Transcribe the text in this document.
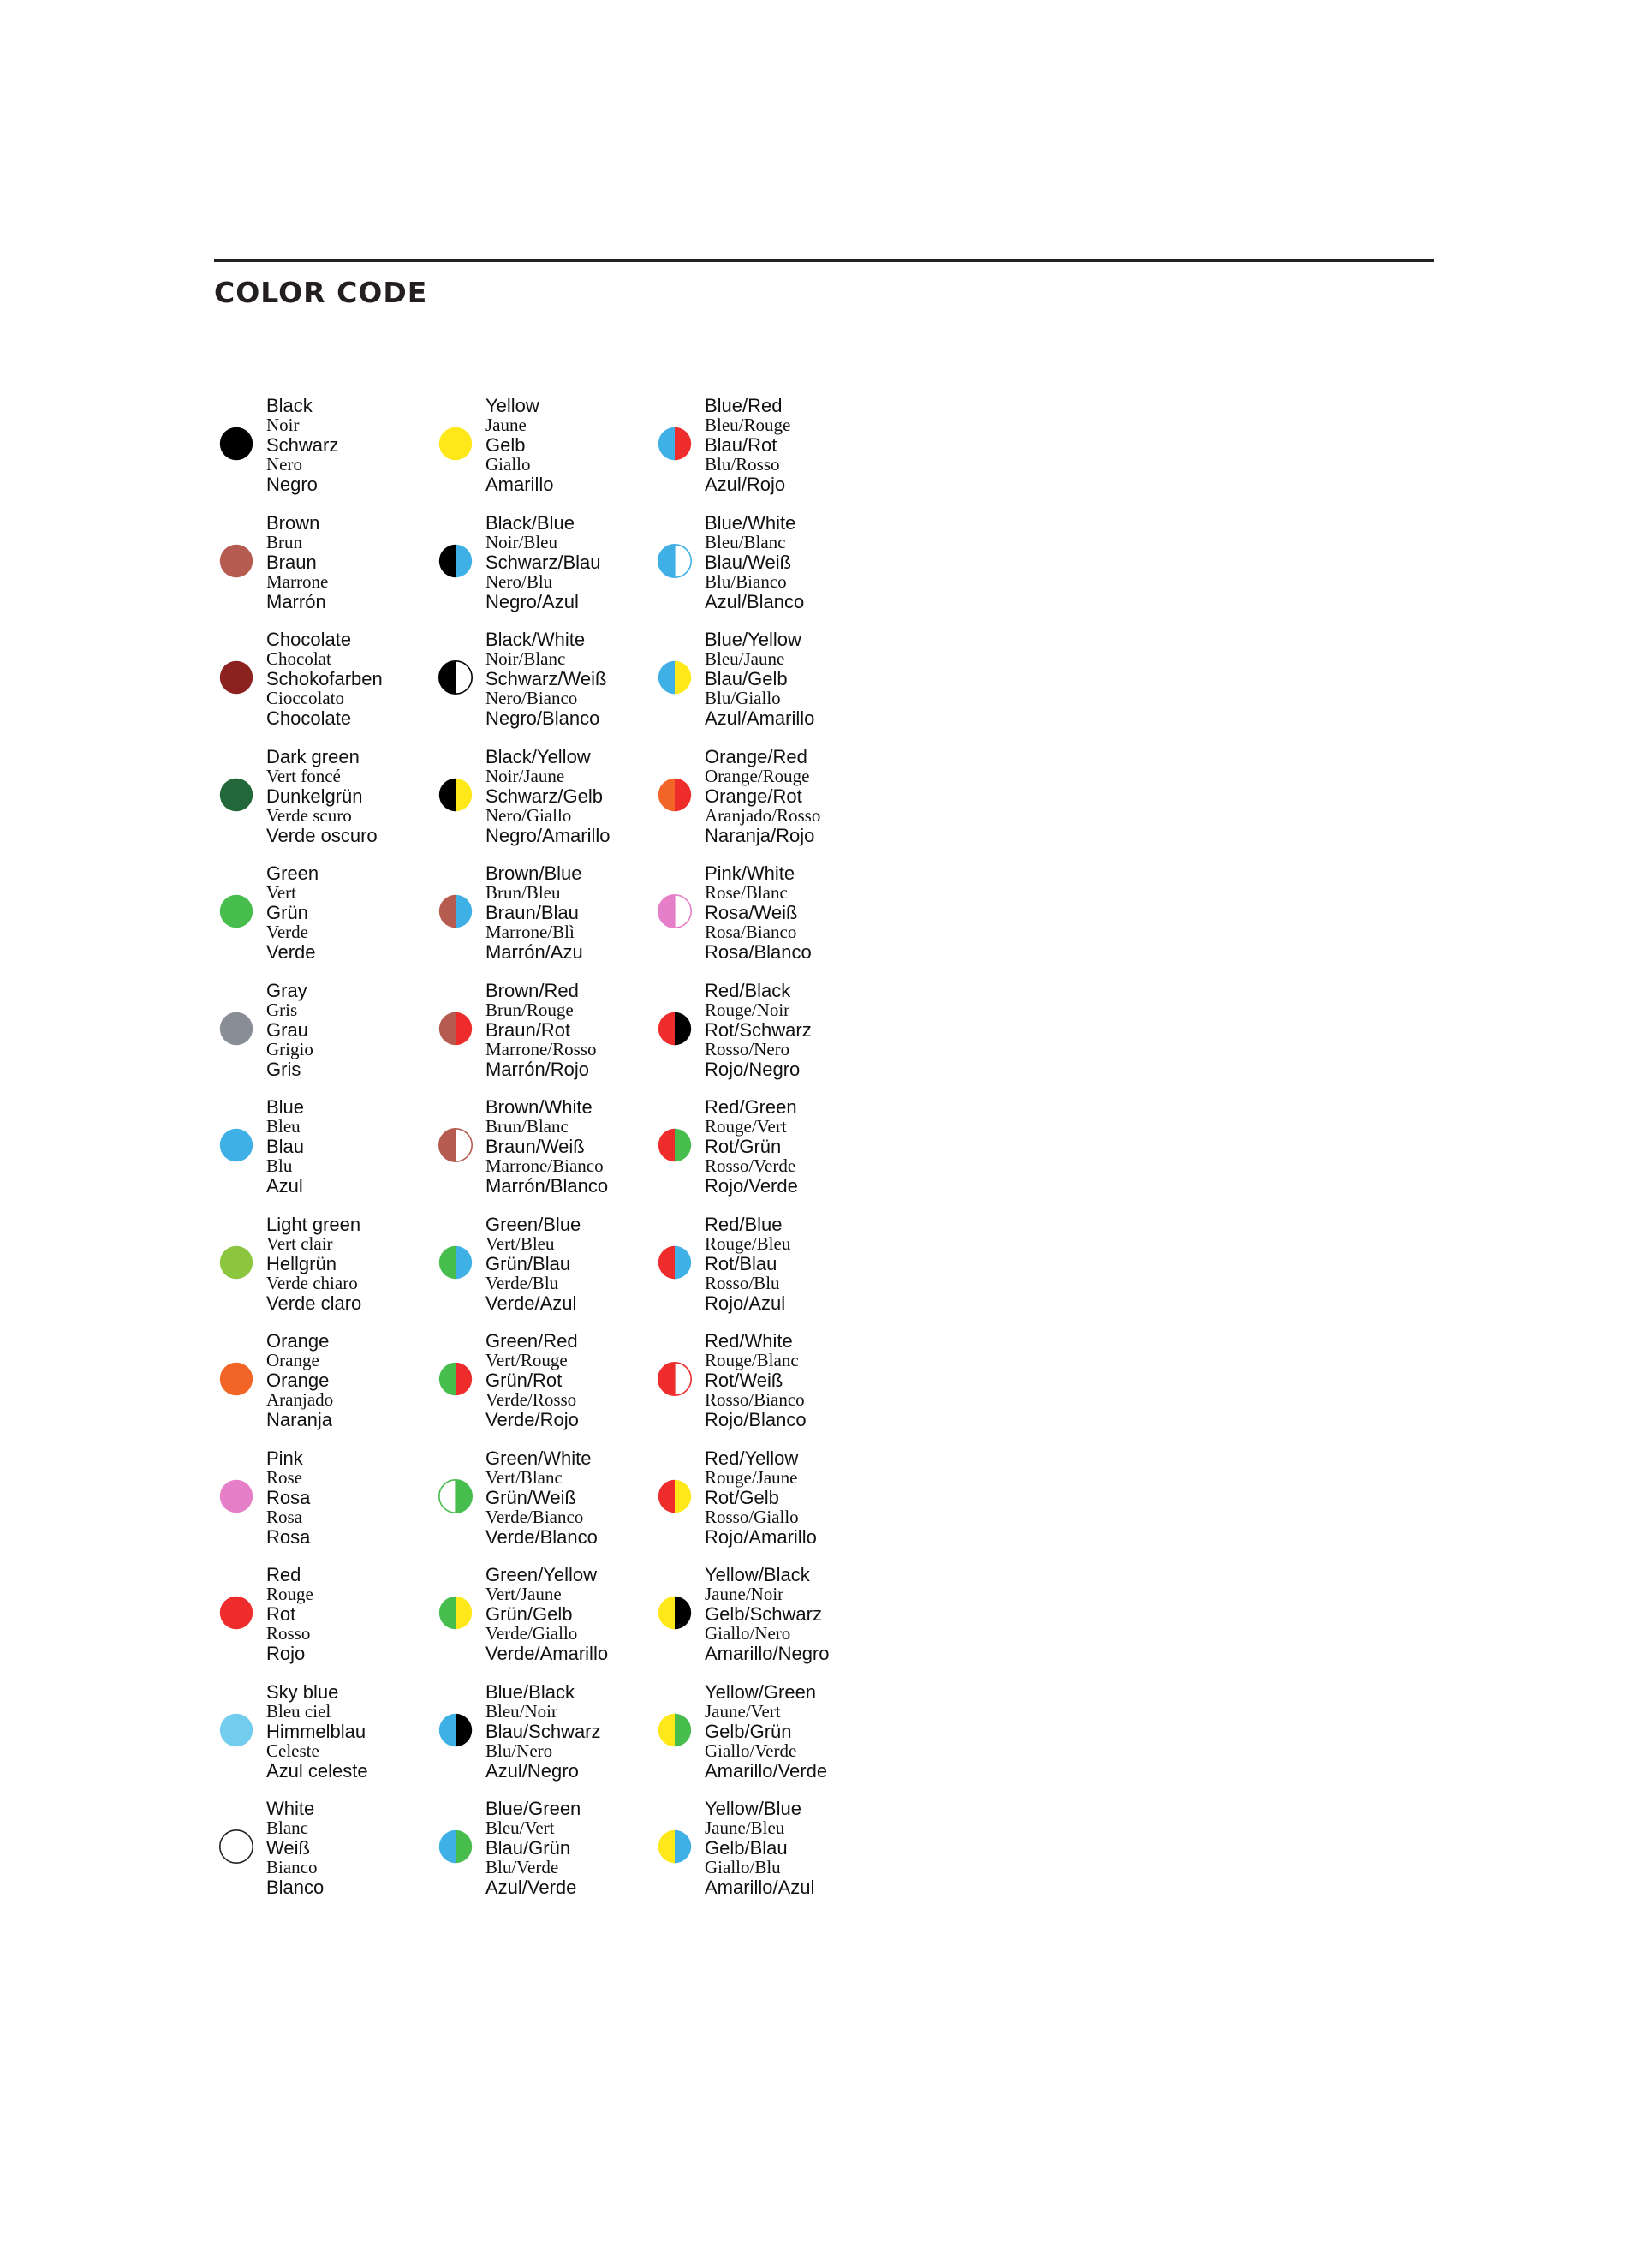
COLOR CODE
Black
Noir
Schwarz
Nero
Negro
Brown
Brun
Braun
Marrone
Marrón
Chocolate
Chocolat
Schokofarben
Cioccolato
Chocolate
Dark green
Vert foncé
Dunkelgrün
Verde scuro
Verde oscuro
Green
Vert
Grün
Verde
Verde
Gray
Gris
Grau
Grigio
Gris
Blue
Bleu
Blau
Blu
Azul
Light green
Vert clair
Hellgrün
Verde chiaro
Verde claro
Orange
Orange
Orange
Aranjado
Naranja
Pink
Rose
Rosa
Rosa
Rosa
Red
Rouge
Rot
Rosso
Rojo
Sky blue
Bleu ciel
Himmelblau
Celeste
Azul celeste
White
Blanc
Weiß
Bianco
Blanco
Yellow
Jaune
Gelb
Giallo
Amarillo
Black/Blue
Noir/Bleu
Schwarz/Blau
Nero/Blu
Negro/Azul
Black/White
Noir/Blanc
Schwarz/Weiß
Nero/Bianco
Negro/Blanco
Black/Yellow
Noir/Jaune
Schwarz/Gelb
Nero/Giallo
Negro/Amarillo
Brown/Blue
Brun/Bleu
Braun/Blau
Marrone/Blì
Marrón/Azu
Brown/Red
Brun/Rouge
Braun/Rot
Marrone/Rosso
Marrón/Rojo
Brown/White
Brun/Blanc
Braun/Weiß
Marrone/Bianco
Marrón/Blanco
Green/Blue
Vert/Bleu
Grün/Blau
Verde/Blu
Verde/Azul
Green/Red
Vert/Rouge
Grün/Rot
Verde/Rosso
Verde/Rojo
Green/White
Vert/Blanc
Grün/Weiß
Verde/Bianco
Verde/Blanco
Green/Yellow
Vert/Jaune
Grün/Gelb
Verde/Giallo
Verde/Amarillo
Blue/Black
Bleu/Noir
Blau/Schwarz
Blu/Nero
Azul/Negro
Blue/Green
Bleu/Vert
Blau/Grün
Blu/Verde
Azul/Verde
Blue/Red
Bleu/Rouge
Blau/Rot
Blu/Rosso
Azul/Rojo
Blue/White
Bleu/Blanc
Blau/Weiß
Blu/Bianco
Azul/Blanco
Blue/Yellow
Bleu/Jaune
Blau/Gelb
Blu/Giallo
Azul/Amarillo
Orange/Red
Orange/Rouge
Orange/Rot
Aranjado/Rosso
Naranja/Rojo
Pink/White
Rose/Blanc
Rosa/Weiß
Rosa/Bianco
Rosa/Blanco
Red/Black
Rouge/Noir
Rot/Schwarz
Rosso/Nero
Rojo/Negro
Red/Green
Rouge/Vert
Rot/Grün
Rosso/Verde
Rojo/Verde
Red/Blue
Rouge/Bleu
Rot/Blau
Rosso/Blu
Rojo/Azul
Red/White
Rouge/Blanc
Rot/Weiß
Rosso/Bianco
Rojo/Blanco
Red/Yellow
Rouge/Jaune
Rot/Gelb
Rosso/Giallo
Rojo/Amarillo
Yellow/Black
Jaune/Noir
Gelb/Schwarz
Giallo/Nero
Amarillo/Negro
Yellow/Green
Jaune/Vert
Gelb/Grün
Giallo/Verde
Amarillo/Verde
Yellow/Blue
Jaune/Bleu
Gelb/Blau
Giallo/Blu
Amarillo/Azul
